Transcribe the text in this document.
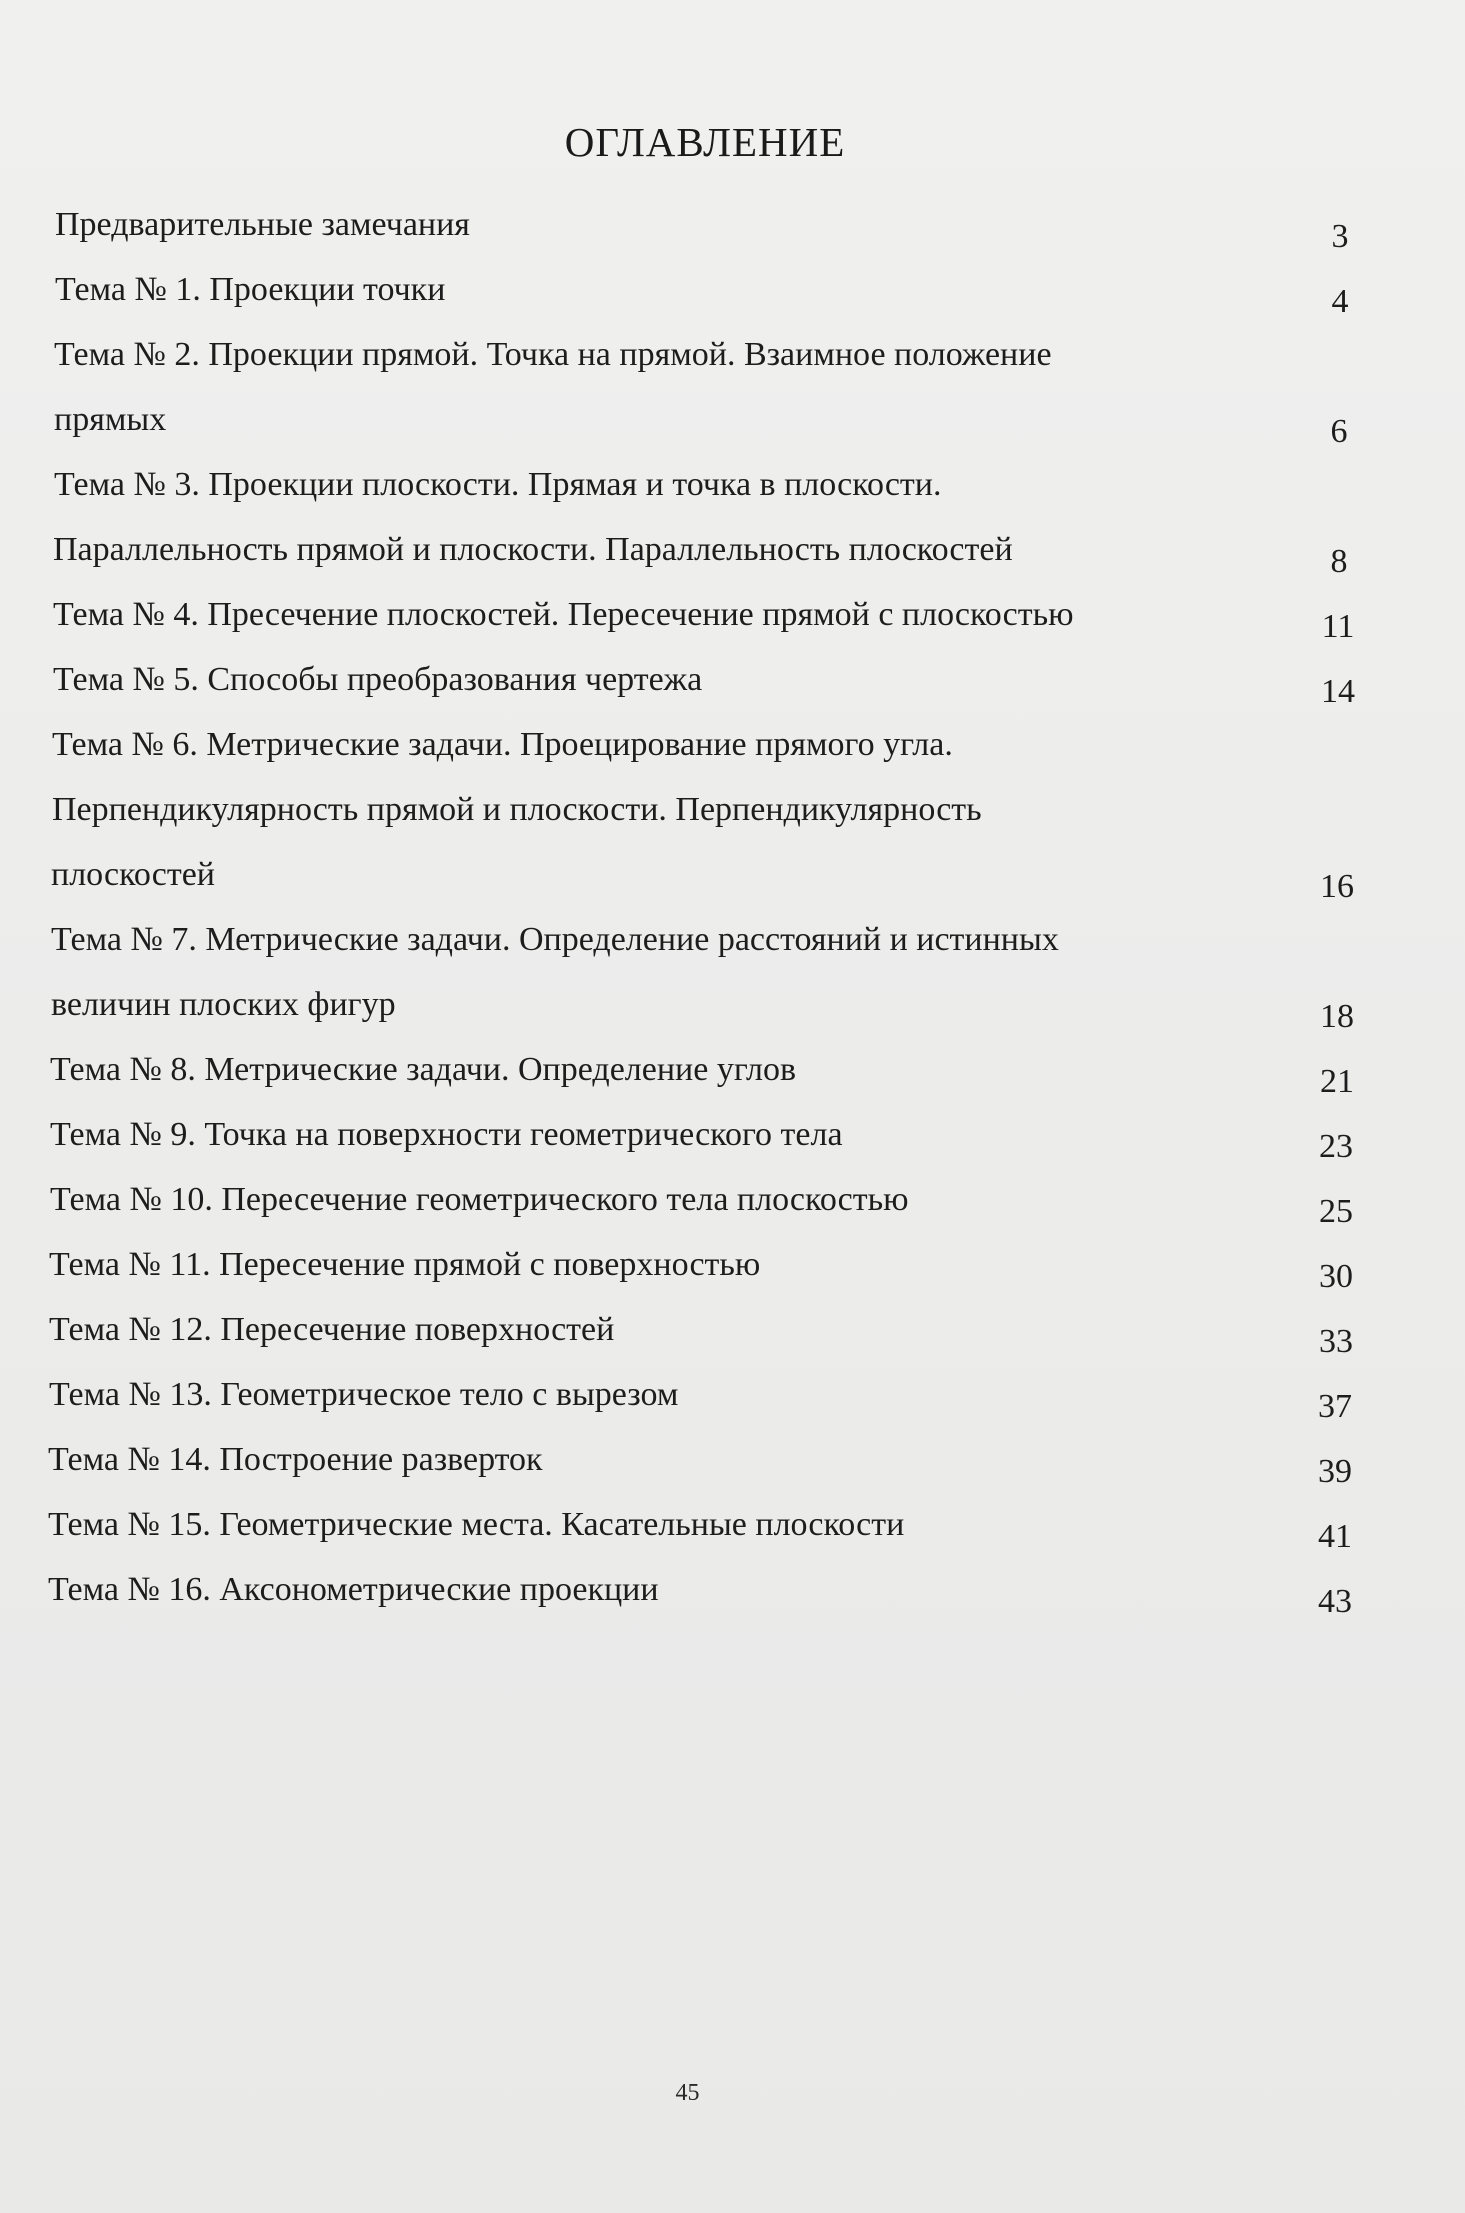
ОГЛАВЛЕНИЕ
Предварительные замечания	3
Тема № 1. Проекции точки	4
Тема № 2. Проекции прямой. Точка на прямой. Взаимное положение
прямых	6
Тема № 3. Проекции плоскости. Прямая и точка в плоскости.
Параллельность прямой и плоскости. Параллельность плоскостей	8
Тема № 4. Пресечение плоскостей. Пересечение прямой с плоскостью	11
Тема № 5. Способы преобразования чертежа	14
Тема № 6. Метрические задачи. Проецирование прямого угла.
Перпендикулярность прямой и плоскости. Перпендикулярность
плоскостей	16
Тема № 7. Метрические задачи. Определение расстояний и истинных
величин плоских фигур	18
Тема № 8. Метрические задачи. Определение углов	21
Тема № 9. Точка на поверхности геометрического тела	23
Тема № 10. Пересечение геометрического тела плоскостью	25
Тема № 11. Пересечение прямой с поверхностью	30
Тема № 12. Пересечение поверхностей	33
Тема № 13. Геометрическое тело с вырезом	37
Тема № 14. Построение разверток	39
Тема № 15. Геометрические места. Касательные плоскости	41
Тема № 16. Аксонометрические проекции	43
45
